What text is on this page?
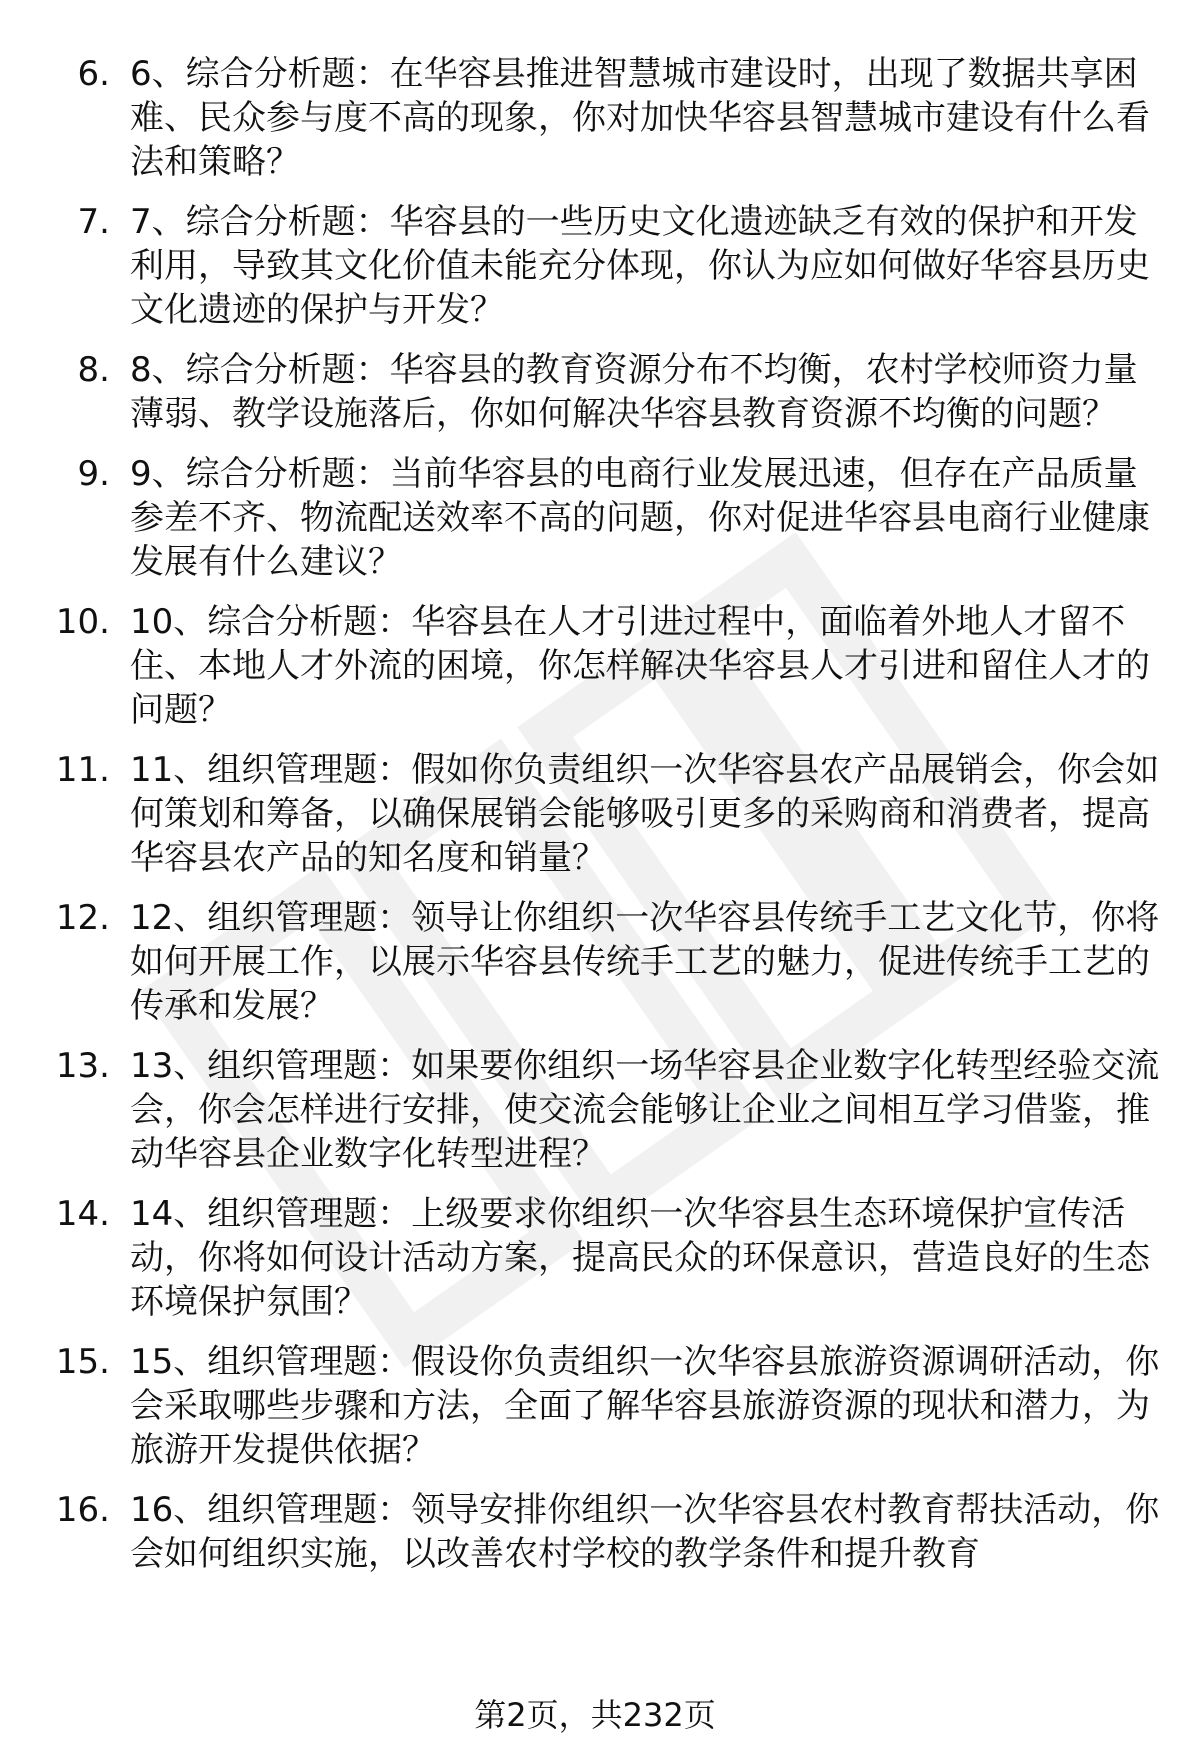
6. 6、综合分析题：在华容县推进智慧城市建设时，出现了数据共享困难、民众参与度不高的现象，你对加快华容县智慧城市建设有什么看法和策略？
7. 7、综合分析题：华容县的一些历史文化遗迹缺乏有效的保护和开发利用，导致其文化价值未能充分体现，你认为应如何做好华容县历史文化遗迹的保护与开发？
8. 8、综合分析题：华容县的教育资源分布不均衡，农村学校师资力量薄弱、教学设施落后，你如何解决华容县教育资源不均衡的问题？
9. 9、综合分析题：当前华容县的电商行业发展迅速，但存在产品质量参差不齐、物流配送效率不高的问题，你对促进华容县电商行业健康发展有什么建议？
10. 10、综合分析题：华容县在人才引进过程中，面临着外地人才留不住、本地人才外流的困境，你怎样解决华容县人才引进和留住人才的问题？
11. 11、组织管理题：假如你负责组织一次华容县农产品展销会，你会如何策划和筹备，以确保展销会能够吸引更多的采购商和消费者，提高华容县农产品的知名度和销量？
12. 12、组织管理题：领导让你组织一次华容县传统手工艺文化节，你将如何开展工作，以展示华容县传统手工艺的魅力，促进传统手工艺的传承和发展？
13. 13、组织管理题：如果要你组织一场华容县企业数字化转型经验交流会，你会怎样进行安排，使交流会能够让企业之间相互学习借鉴，推动华容县企业数字化转型进程？
14. 14、组织管理题：上级要求你组织一次华容县生态环境保护宣传活动，你将如何设计活动方案，提高民众的环保意识，营造良好的生态环境保护氛围？
15. 15、组织管理题：假设你负责组织一次华容县旅游资源调研活动，你会采取哪些步骤和方法，全面了解华容县旅游资源的现状和潜力，为旅游开发提供依据？
16. 16、组织管理题：领导安排你组织一次华容县农村教育帮扶活动，你会如何组织实施，以改善农村学校的教学条件和提升教育
第2页，共232页
